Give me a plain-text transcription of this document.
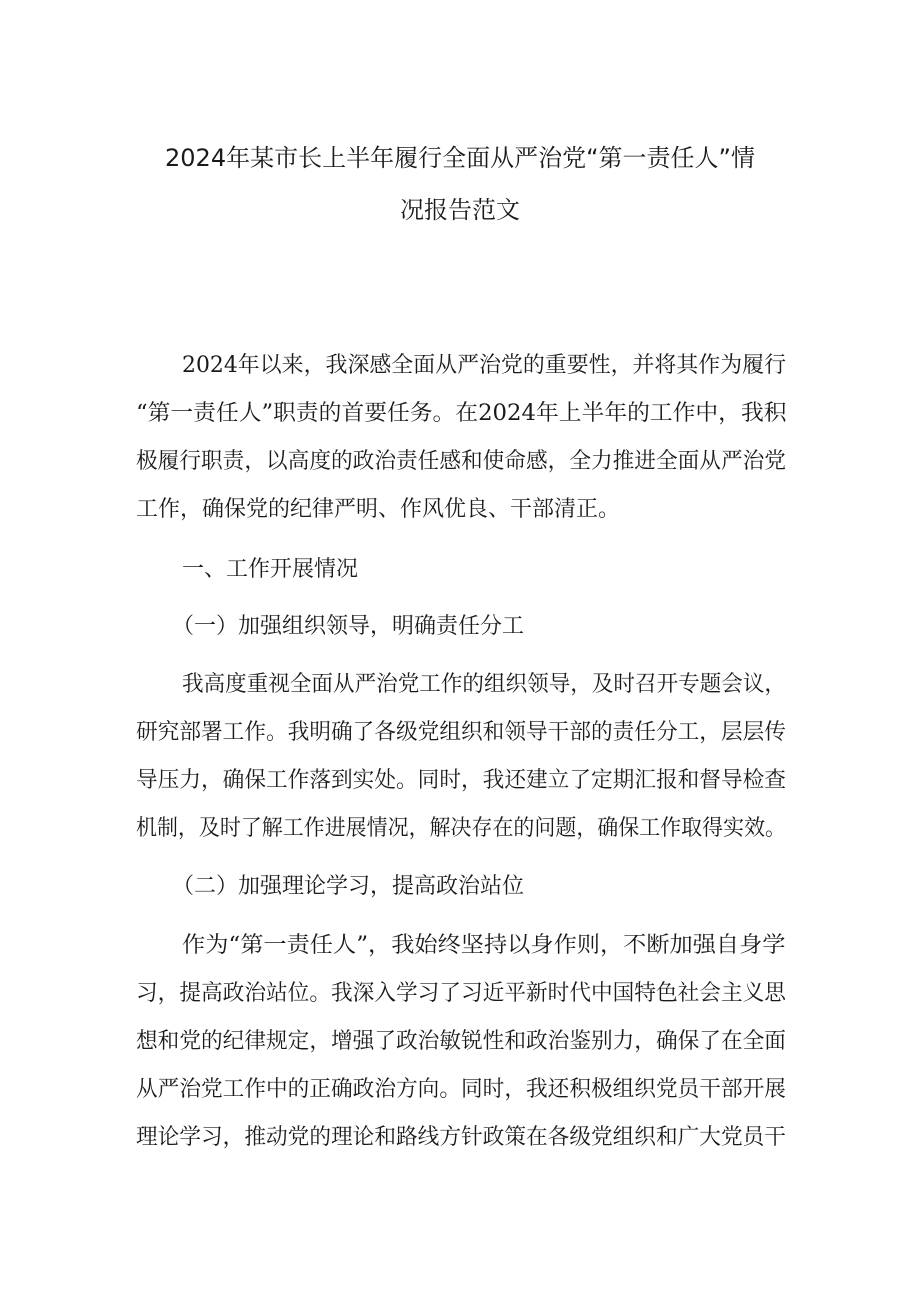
2024年某市长上半年履行全面从严治党“第一责任人”情
况报告范文
2024年以来，我深感全面从严治党的重要性，并将其作为履行
“第一责任人”职责的首要任务。在2024年上半年的工作中，我积
极履行职责，以高度的政治责任感和使命感，全力推进全面从严治党
工作，确保党的纪律严明、作风优良、干部清正。
一、工作开展情况
（一）加强组织领导，明确责任分工
我高度重视全面从严治党工作的组织领导，及时召开专题会议，
研究部署工作。我明确了各级党组织和领导干部的责任分工，层层传
导压力，确保工作落到实处。同时，我还建立了定期汇报和督导检查
机制，及时了解工作进展情况，解决存在的问题，确保工作取得实效。
（二）加强理论学习，提高政治站位
作为“第一责任人”，我始终坚持以身作则，不断加强自身学
习，提高政治站位。我深入学习了习近平新时代中国特色社会主义思
想和党的纪律规定，增强了政治敏锐性和政治鉴别力，确保了在全面
从严治党工作中的正确政治方向。同时，我还积极组织党员干部开展
理论学习，推动党的理论和路线方针政策在各级党组织和广大党员干
